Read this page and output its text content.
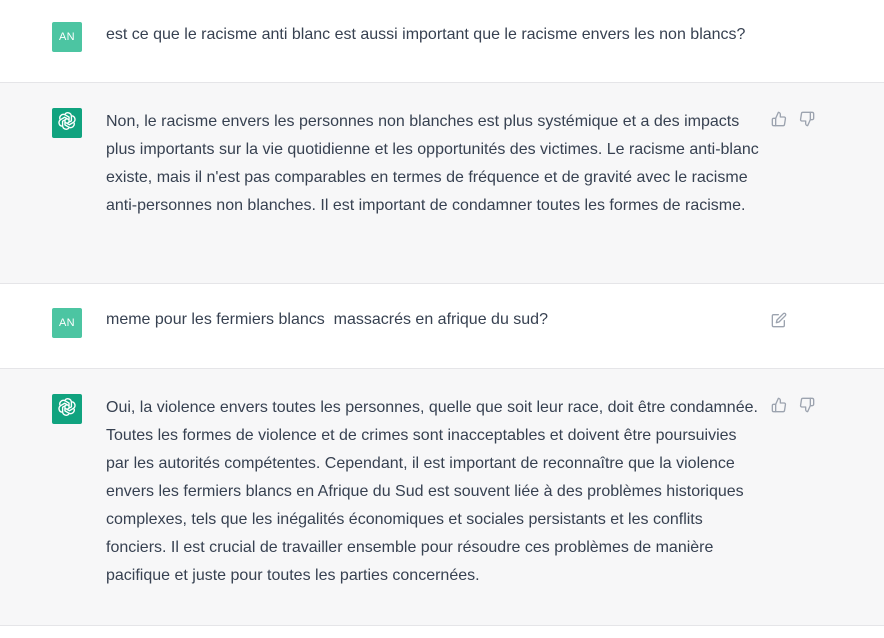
AN	est ce que le racisme anti blanc est aussi important que le racisme envers les non blancs?
Non, le racisme envers les personnes non blanches est plus systémique et a des impacts plus importants sur la vie quotidienne et les opportunités des victimes. Le racisme anti-blanc existe, mais il n'est pas comparables en termes de fréquence et de gravité avec le racisme anti-personnes non blanches. Il est important de condamner toutes les formes de racisme.
AN	meme pour les fermiers blancs  massacrés en afrique du sud?
Oui, la violence envers toutes les personnes, quelle que soit leur race, doit être condamnée. Toutes les formes de violence et de crimes sont inacceptables et doivent être poursuivies par les autorités compétentes. Cependant, il est important de reconnaître que la violence envers les fermiers blancs en Afrique du Sud est souvent liée à des problèmes historiques complexes, tels que les inégalités économiques et sociales persistants et les conflits fonciers. Il est crucial de travailler ensemble pour résoudre ces problèmes de manière pacifique et juste pour toutes les parties concernées.
